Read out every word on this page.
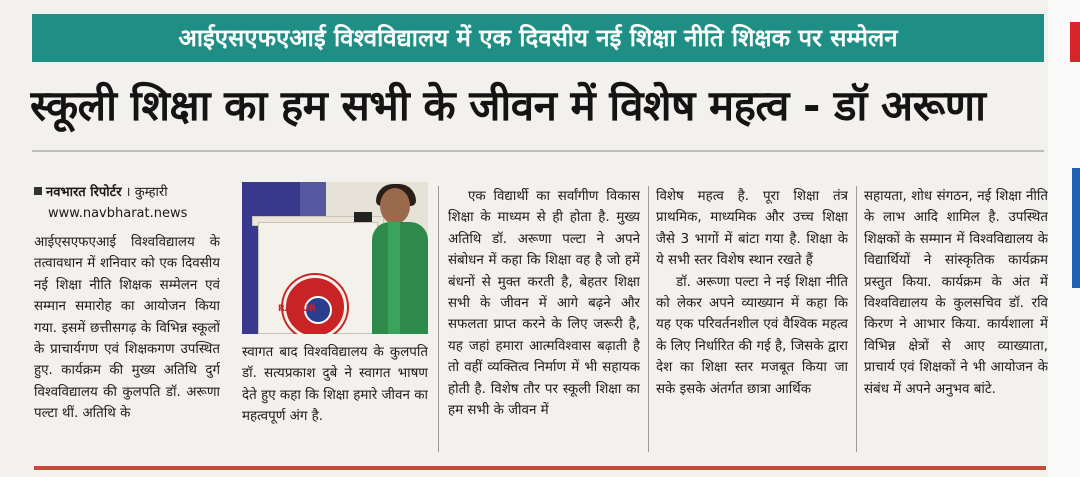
आईएसएफएआई विश्वविद्यालय में एक दिवसीय नई शिक्षा नीति शिक्षक पर सम्मेलन
स्कूली शिक्षा का हम सभी के जीवन में विशेष महत्व - डॉ अरूणा
नवभारत रिपोर्टर । कुम्हारी
www.navbharat.news
आईएसएफएआई विश्वविद्यालय के तत्वावधान में शनिवार को एक दिवसीय नई शिक्षा नीति शिक्षक सम्मेलन एवं सम्मान समारोह का आयोजन किया गया. इसमें छत्तीसगढ़ के विभिन्न स्कूलों के प्राचार्यगण एवं शिक्षकगण उपस्थित हुए. कार्यक्रम की मुख्य अतिथि दुर्ग विश्वविद्यालय की कुलपति डॉ. अरूणा पल्टा थीं. अतिथि के
RAIPUR
स्वागत बाद विश्वविद्यालय के कुलपति डॉ. सत्यप्रकाश दुबे ने स्वागत भाषण देते हुए कहा कि शिक्षा हमारे जीवन का महत्वपूर्ण अंग है.

एक विद्यार्थी का सर्वांगीण विकास शिक्षा के माध्यम से ही होता है. मुख्य अतिथि डॉ. अरूणा पल्टा ने अपने संबोधन में कहा कि शिक्षा वह है जो हमें बंधनों से मुक्त करती है, बेहतर शिक्षा सभी के जीवन में आगे बढ़ने और सफलता प्राप्त करने के लिए जरूरी है, यह जहां हमारा आत्मविश्वास बढ़ाती है तो वहीं व्यक्तित्व निर्माण में भी सहायक होती है. विशेष तौर पर स्कूली शिक्षा का हम सभी के जीवन में

विशेष महत्व है. पूरा शिक्षा तंत्र प्राथमिक, माध्यमिक और उच्च शिक्षा जैसे 3 भागों में बांटा गया है. शिक्षा के ये सभी स्तर विशेष स्थान रखते हैं

डॉ. अरूणा पल्टा ने नई शिक्षा नीति को लेकर अपने व्याख्यान में कहा कि यह एक परिवर्तनशील एवं वैश्विक महत्व के लिए निर्धारित की गई है, जिसके द्वारा देश का शिक्षा स्तर मजबूत किया जा सके इसके अंतर्गत छात्रा आर्थिक

सहायता, शोध संगठन, नई शिक्षा नीति के लाभ आदि शामिल है. उपस्थित शिक्षकों के सम्मान में विश्वविद्यालय के विद्यार्थियों ने सांस्कृतिक कार्यक्रम प्रस्तुत किया. कार्यक्रम के अंत में विश्वविद्यालय के कुलसचिव डॉ. रवि किरण ने आभार किया. कार्यशाला में विभिन्न क्षेत्रों से आए व्याख्याता, प्राचार्य एवं शिक्षकों ने भी आयोजन के संबंध में अपने अनुभव बांटे.
